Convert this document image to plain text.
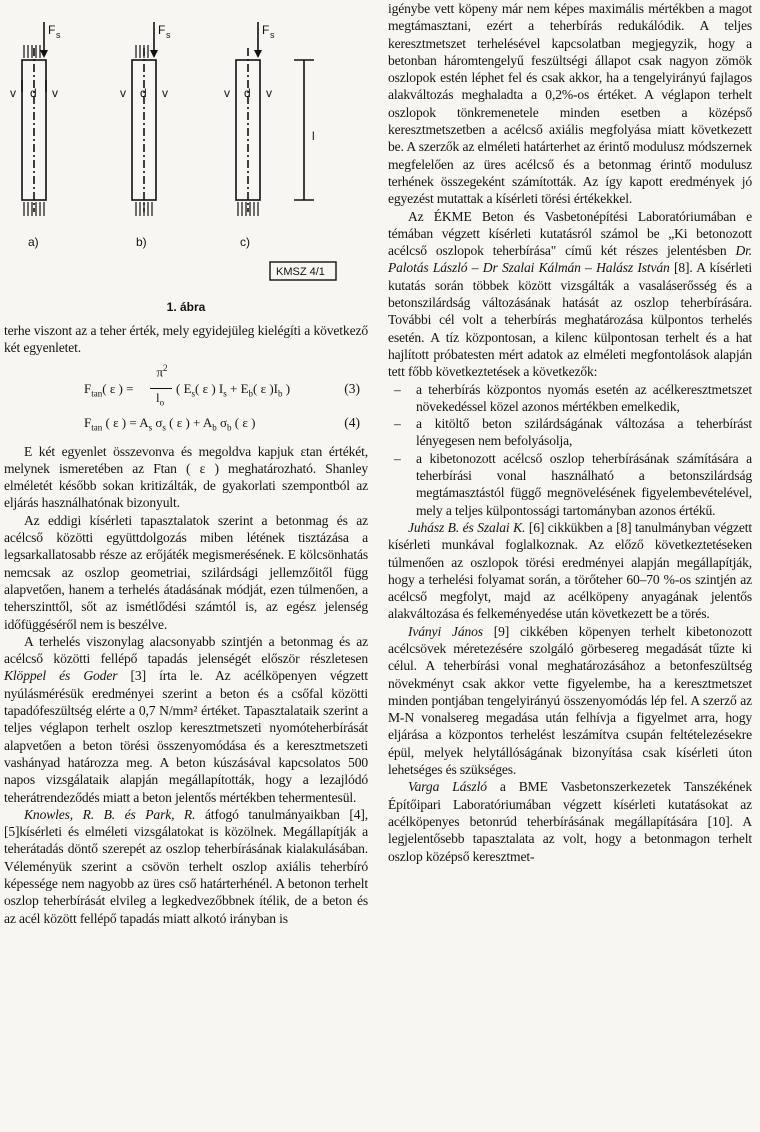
F s	F s	F s
v d v	v d v	v d v
l
a)	b)	c)
KMSZ 4/1
1. ábra

terhe viszont az a teher érték, mely egyidejüleg kielégíti a következő két egyenletet.

$F_{tan}$( ε ) =
$\pi^2$
$l_o$
( $E_s$( ε ) $I_s + E_b$( ε )$I_b$ )	(3)
$F_{tan}$ ( ε ) = $A_s$ $\sigma_s$ ( ε ) + $A_b$ $\sigma_b$ ( ε )	(4)

E két egyenlet összevonva és megoldva kapjuk εtan értékét, melynek ismeretében az Ftan ( ε ) meghatározható. Shanley elméletét később sokan kritizálták, de gyakorlati szempontból az eljárás használhatónak bizonyult.

Az eddigi kísérleti tapasztalatok szerint a betonmag és az acélcső közötti együttdolgozás miben létének tisztázása a legsarkallatosabb része az erőjáték megismerésének. E kölcsönhatás nemcsak az oszlop geometriai, szilárdsági jellemzőitől függ alapvetően, hanem a terhelés átadásának módját, ezen túlmenően, a teherszinttől, sőt az ismétlődési számtól is, az egész jelenség időfüggéséről nem is beszélve.

A terhelés viszonylag alacsonyabb szintjén a betonmag és az acélcső közötti fellépő tapadás jelenségét először részletesen Klöppel és Goder [3] írta le. Az acélköpenyen végzett nyúlásmérésük eredményei szerint a beton és a csőfal közötti tapadófeszültség elérte a 0,7 N/mm² értéket. Tapasztalataik szerint a teljes véglapon terhelt oszlop keresztmetszeti nyomóteherbírását alapvetően a beton törési összenyomódása és a keresztmetszeti vashányad határozza meg. A beton kúszásával kapcsolatos 500 napos vizsgálataik alapján megállapították, hogy a lezajlódó teherátrendeződés miatt a beton jelentős mértékben tehermentesül.

Knowles, R. B. és Park, R. átfogó tanulmányaikban [4], [5]kísérleti és elméleti vizsgálatokat is közölnek. Megállapítják a teherátadás döntő szerepét az oszlop teherbírásának kialakulásában. Véleményük szerint a csövön terhelt oszlop axiális teherbíró képessége nem nagyobb az üres cső határterhénél. A betonon terhelt oszlop teherbírását elvileg a legkedvezőbbnek ítélik, de a beton és az acél között fellépő tapadás miatt alkotó irányban is

igénybe vett köpeny már nem képes maximális mértékben a magot megtámasztani, ezért a teherbírás redukálódik. A teljes keresztmetszet terhelésével kapcsolatban megjegyzik, hogy a betonban háromtengelyű feszültségi állapot csak nagyon zömök oszlopok estén léphet fel és csak akkor, ha a tengelyirányú fajlagos alakváltozás meghaladta a 0,2%-os értéket. A véglapon terhelt oszlopok tönkremenetele minden esetben a középső keresztmetszetben a acélcső axiális megfolyása miatt következett be. A szerzők az elméleti határterhet az érintő modulusz módszernek megfelelően az üres acélcső és a betonmag érintő modulusz terhének összegeként számították. Az így kapott eredmények jó egyezést mutattak a kísérleti törési értékekkel.

Az ÉKME Beton és Vasbetonépítési Laboratóriumában e témában végzett kísérleti kutatásról számol be „Ki betonozott acélcső oszlopok teherbírása" című két részes jelentésben Dr. Palotás László – Dr Szalai Kálmán – Halász István [8]. A kísérleti kutatás során többek között vizsgálták a vasaláserősség és a betonszilárdság változásának hatását az oszlop teherbírására. További cél volt a teherbírás meghatározása külpontos terhelés esetén. A tíz központosan, a kilenc külpontosan terhelt és a hat hajlított próbatesten mért adatok az elméleti megfontolások alapján tett főbb következtetések a következők:

– a teherbírás központos nyomás esetén az acélkeresztmetszet növekedéssel közel azonos mértékben emelkedik,
– a kitöltő beton szilárdságának változása a teherbírást lényegesen nem befolyásolja,
– a kibetonozott acélcső oszlop teherbírásának számítására a teherbírási vonal használható a betonszilárdság megtámasztástól függő megnövelésének figyelembevételével, mely a teljes külpontossági tartományban azonos értékű.

Juhász B. és Szalai K. [6] cikkükben a [8] tanulmányban végzett kísérleti munkával foglalkoznak. Az előző következtetéseken túlmenően az oszlopok törési eredményei alapján megállapítják, hogy a terhelési folyamat során, a törőteher 60–70 %-os szintjén az acélcső megfolyt, majd az acélköpeny anyagának jelentős alakváltozása és felkeményedése után következett be a törés.

Iványi János [9] cikkében köpenyen terhelt kibetonozott acélcsövek méretezésére szolgáló görbesereg megadását tűzte ki célul. A teherbírási vonal meghatározásához a betonfeszültség növekményt csak akkor vette figyelembe, ha a keresztmetszet minden pontjában tengelyirányú összenyomódás lép fel. A szerző az M-N vonalsereg megadása után felhívja a figyelmet arra, hogy eljárása a központos terhelést leszámítva csupán feltételezésekre épül, melyek helytállóságának bizonyítása csak kísérleti úton lehetséges és szükséges.

Varga László a BME Vasbetonszerkezetek Tanszékének Építőipari Laboratóriumában végzett kísérleti kutatásokat az acélköpenyes betonrúd teherbírásának megállapítására [10]. A legjelentősebb tapasztalata az volt, hogy a betonmagon terhelt oszlop középső keresztmet-
